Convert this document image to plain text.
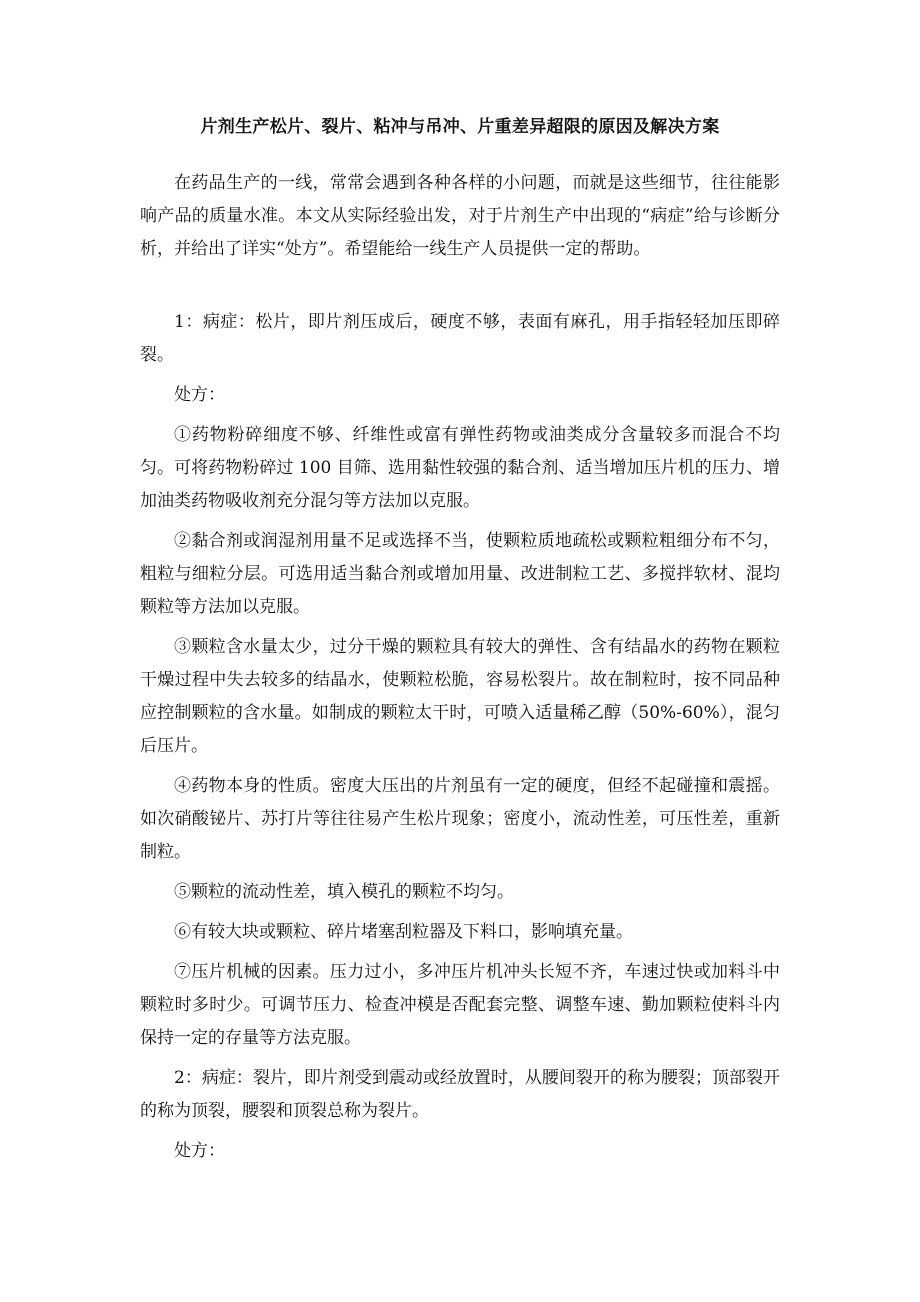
片剂生产松片、裂片、粘冲与吊冲、片重差异超限的原因及解决方案

在药品生产的一线，常常会遇到各种各样的小问题，而就是这些细节，往往能影响产品的质量水准。本文从实际经验出发，对于片剂生产中出现的“病症”给与诊断分析，并给出了详实“处方”。希望能给一线生产人员提供一定的帮助。

1：病症：松片，即片剂压成后，硬度不够，表面有麻孔，用手指轻轻加压即碎裂。

处方：

①药物粉碎细度不够、纤维性或富有弹性药物或油类成分含量较多而混合不均匀。可将药物粉碎过 100 目筛、选用黏性较强的黏合剂、适当增加压片机的压力、增加油类药物吸收剂充分混匀等方法加以克服。

②黏合剂或润湿剂用量不足或选择不当，使颗粒质地疏松或颗粒粗细分布不匀，粗粒与细粒分层。可选用适当黏合剂或增加用量、改进制粒工艺、多搅拌软材、混均颗粒等方法加以克服。

③颗粒含水量太少，过分干燥的颗粒具有较大的弹性、含有结晶水的药物在颗粒干燥过程中失去较多的结晶水，使颗粒松脆，容易松裂片。故在制粒时，按不同品种应控制颗粒的含水量。如制成的颗粒太干时，可喷入适量稀乙醇（50%-60%），混匀后压片。

④药物本身的性质。密度大压出的片剂虽有一定的硬度，但经不起碰撞和震摇。如次硝酸铋片、苏打片等往往易产生松片现象；密度小，流动性差，可压性差，重新制粒。

⑤颗粒的流动性差，填入模孔的颗粒不均匀。

⑥有较大块或颗粒、碎片堵塞刮粒器及下料口，影响填充量。

⑦压片机械的因素。压力过小，多冲压片机冲头长短不齐，车速过快或加料斗中颗粒时多时少。可调节压力、检查冲模是否配套完整、调整车速、勤加颗粒使料斗内保持一定的存量等方法克服。

2：病症：裂片，即片剂受到震动或经放置时，从腰间裂开的称为腰裂；顶部裂开的称为顶裂，腰裂和顶裂总称为裂片。

处方：
